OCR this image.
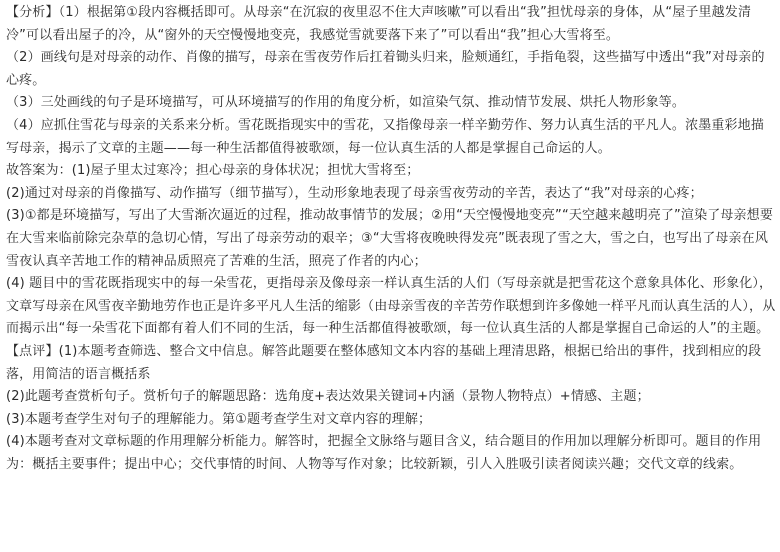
【分析】（1）根据第①段内容概括即可。从母亲“在沉寂的夜里忍不住大声咳嗽”可以看出“我”担忧母亲的身体，从“屋子里越发清冷”可以看出屋子的冷，从“窗外的天空慢慢地变亮，我感觉雪就要落下来了”可以看出“我”担心大雪将至。

（2）画线句是对母亲的动作、肖像的描写，母亲在雪夜劳作后扛着锄头归来，脸颊通红，手指龟裂，这些描写中透出“我”对母亲的心疼。

（3）三处画线的句子是环境描写，可从环境描写的作用的角度分析，如渲染气氛、推动情节发展、烘托人物形象等。

（4）应抓住雪花与母亲的关系来分析。雪花既指现实中的雪花，又指像母亲一样辛勤劳作、努力认真生活的平凡人。浓墨重彩地描写母亲，揭示了文章的主题——每一种生活都值得被歌颂，每一位认真生活的人都是掌握自己命运的人。

故答案为：(1)屋子里太过寒冷；担心母亲的身体状况；担忧大雪将至；

(2)通过对母亲的肖像描写、动作描写（细节描写），生动形象地表现了母亲雪夜劳动的辛苦，表达了“我”对母亲的心疼；

(3)①都是环境描写，写出了大雪渐次逼近的过程，推动故事情节的发展；②用“天空慢慢地变亮”“天空越来越明亮了”渲染了母亲想要在大雪来临前除完杂草的急切心情，写出了母亲劳动的艰辛；③“大雪将夜晚映得发亮”既表现了雪之大，雪之白，也写出了母亲在风雪夜认真辛苦地工作的精神品质照亮了苦难的生活，照亮了作者的内心；

(4) 题目中的雪花既指现实中的每一朵雪花，更指母亲及像母亲一样认真生活的人们（写母亲就是把雪花这个意象具体化、形象化），文章写母亲在风雪夜辛勤地劳作也正是许多平凡人生活的缩影（由母亲雪夜的辛苦劳作联想到许多像她一样平凡而认真生活的人），从而揭示出“每一朵雪花下面都有着人们不同的生活，每一种生活都值得被歌颂，每一位认真生活的人都是掌握自己命运的人”的主题。

【点评】(1)本题考查筛选、整合文中信息。解答此题要在整体感知文本内容的基础上理清思路，根据已给出的事件，找到相应的段落，用简洁的语言概括系

(2)此题考查赏析句子。赏析句子的解题思路：选角度+表达效果关键词+内涵（景物人物特点）+情感、主题；

(3)本题考查学生对句子的理解能力。第①题考查学生对文章内容的理解；

(4)本题考查对文章标题的作用理解分析能力。解答时，把握全文脉络与题目含义，结合题目的作用加以理解分析即可。题目的作用为：概括主要事件；提出中心；交代事情的时间、人物等写作对象；比较新颖，引人入胜吸引读者阅读兴趣；交代文章的线索。
